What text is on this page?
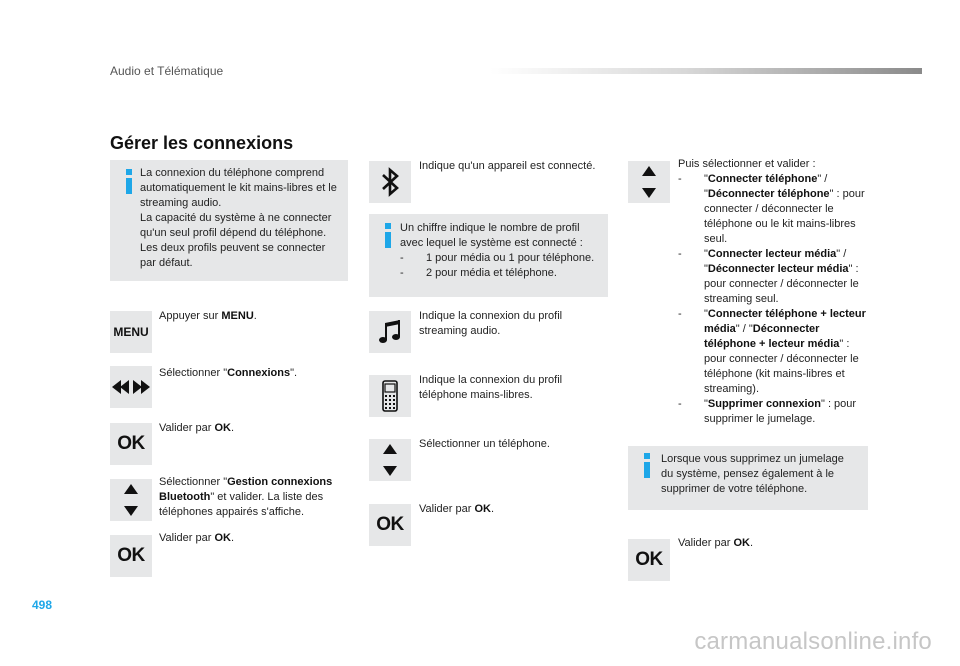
Audio et Télématique
Gérer les connexions
La connexion du téléphone comprend automatiquement le kit mains-libres et le streaming audio.
La capacité du système à ne connecter qu'un seul profil dépend du téléphone.
Les deux profils peuvent se connecter par défaut.
MENU
Appuyer sur MENU.
Sélectionner "Connexions".
OK
Valider par OK.
Sélectionner "Gestion connexions Bluetooth" et valider. La liste des téléphones appairés s'affiche.
OK
Valider par OK.
Indique qu'un appareil est connecté.
Un chiffre indique le nombre de profil avec lequel le système est connecté :
-	1 pour média ou 1 pour téléphone.
-	2 pour média et téléphone.
Indique la connexion du profil streaming audio.
Indique la connexion du profil téléphone mains-libres.
Sélectionner un téléphone.
OK
Valider par OK.
Puis sélectionner et valider :
-	"Connecter téléphone" / "Déconnecter téléphone" : pour connecter / déconnecter le téléphone ou le kit mains-libres seul.
-	"Connecter lecteur média" / "Déconnecter lecteur média" : pour connecter / déconnecter le streaming seul.
-	"Connecter téléphone + lecteur média" / "Déconnecter téléphone + lecteur média" : pour connecter / déconnecter le téléphone (kit mains-libres et streaming).
-	"Supprimer connexion" : pour supprimer le jumelage.
Lorsque vous supprimez un jumelage du système, pensez également à le supprimer de votre téléphone.
OK
Valider par OK.
498
carmanualsonline.info
